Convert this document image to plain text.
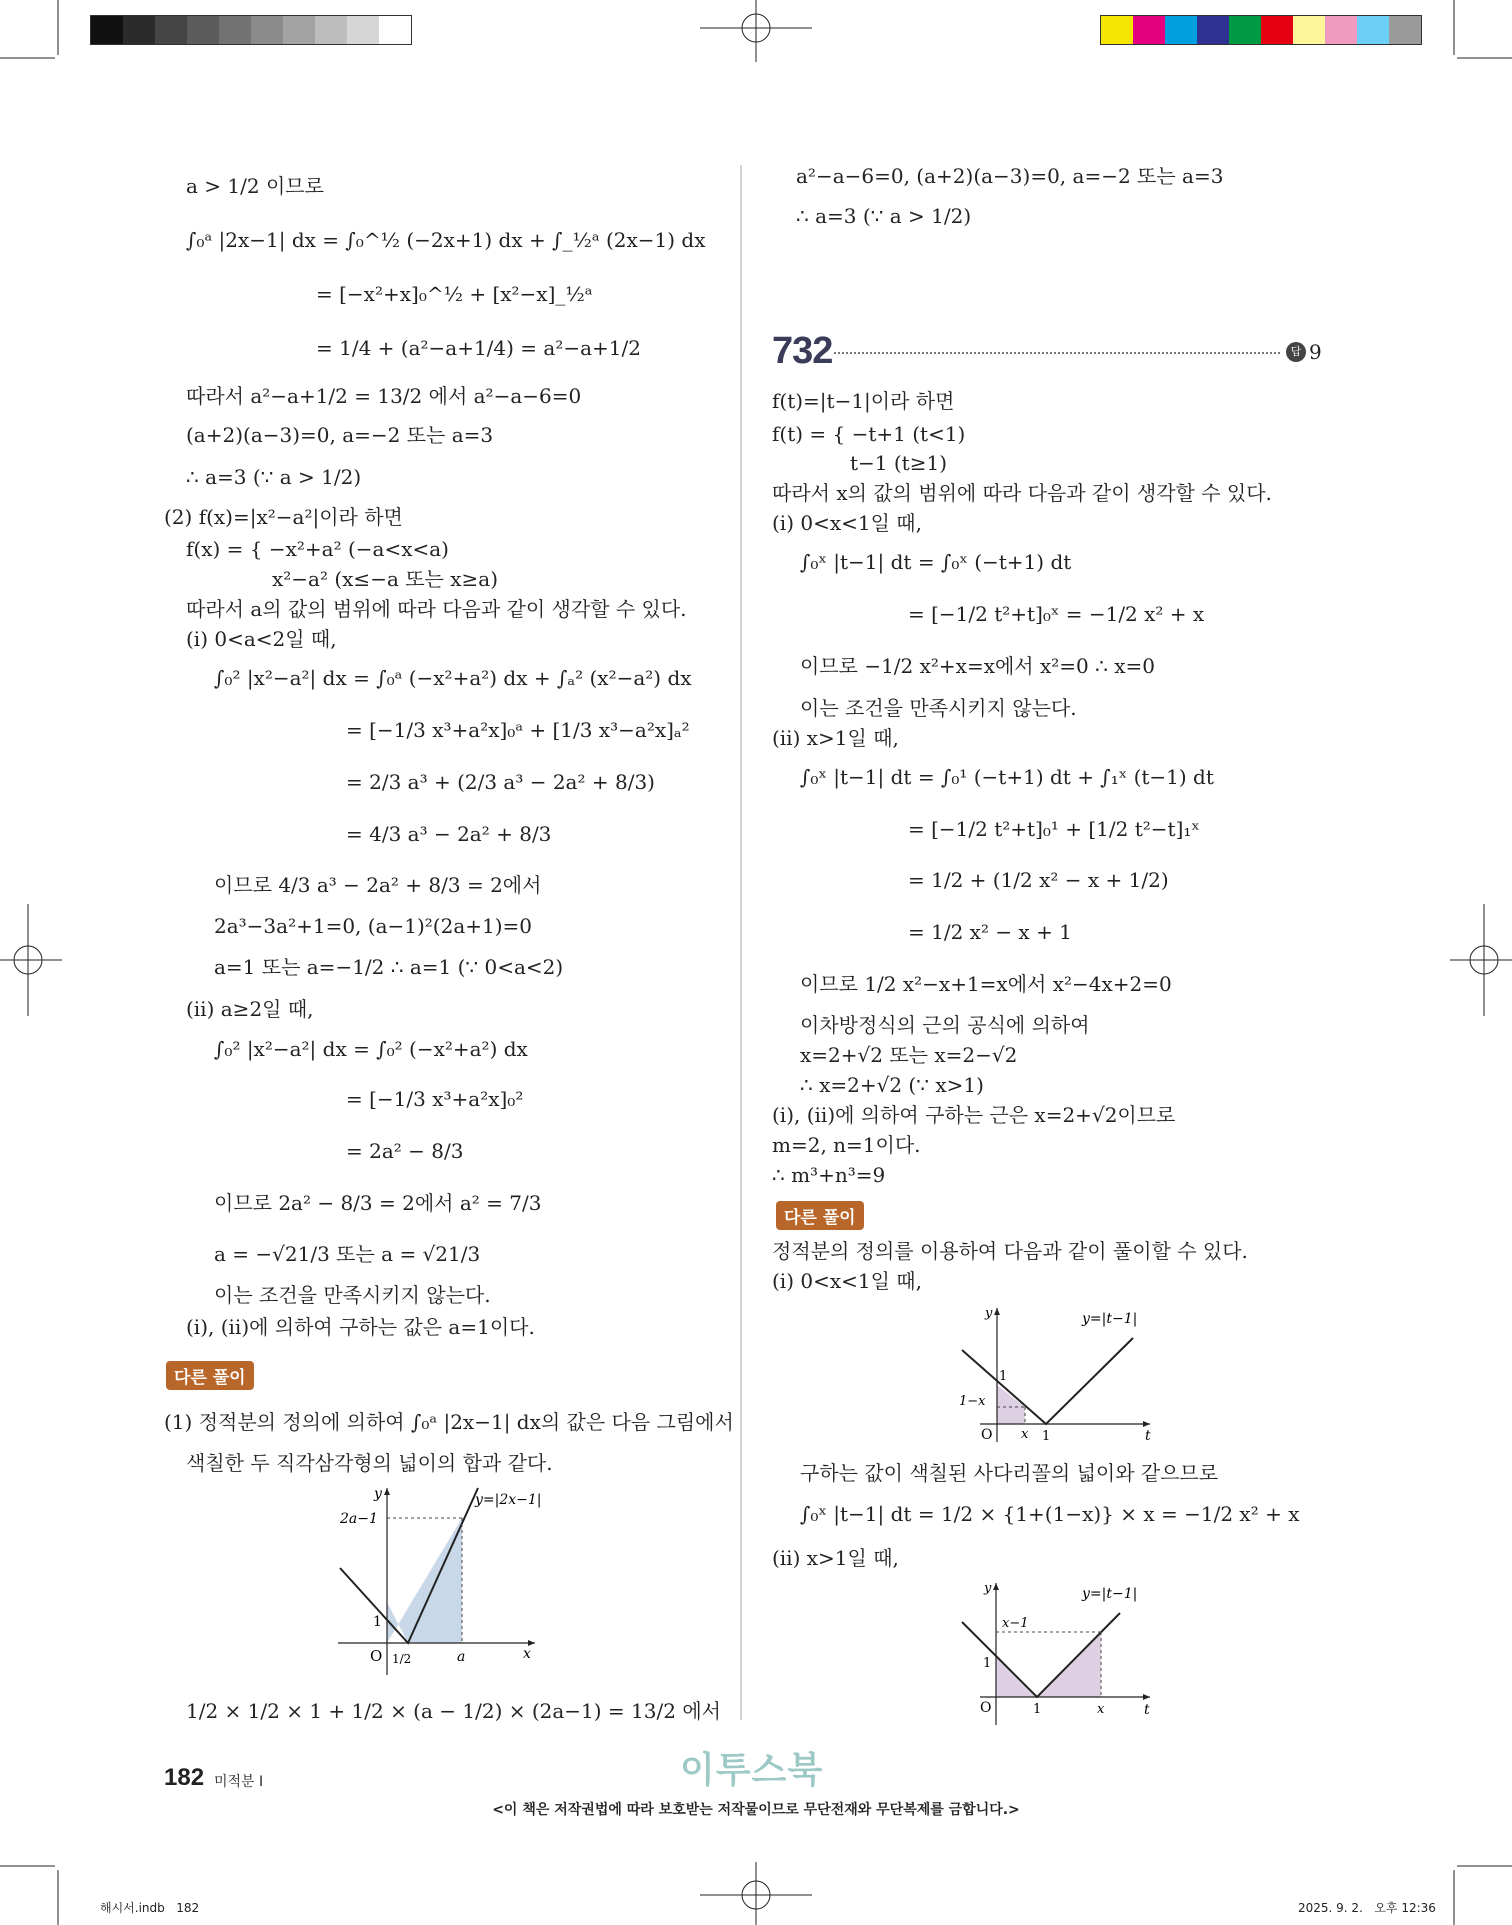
a > 1/2 이므로
∫₀ᵃ |2x−1| dx = ∫₀^½ (−2x+1) dx + ∫_½ᵃ (2x−1) dx
= [−x²+x]₀^½ + [x²−x]_½ᵃ
= 1/4 + (a²−a+1/4) = a²−a+1/2
따라서 a²−a+1/2 = 13/2 에서 a²−a−6=0
(a+2)(a−3)=0, a=−2 또는 a=3
∴ a=3 (∵ a > 1/2)
(2) f(x)=|x²−a²|이라 하면
f(x) = { −x²+a² (−a<x<a)
x²−a² (x≤−a 또는 x≥a)
따라서 a의 값의 범위에 따라 다음과 같이 생각할 수 있다.
(ⅰ) 0<a<2일 때,
∫₀² |x²−a²| dx = ∫₀ᵃ (−x²+a²) dx + ∫ₐ² (x²−a²) dx
= [−1/3 x³+a²x]₀ᵃ + [1/3 x³−a²x]ₐ²
= 2/3 a³ + (2/3 a³ − 2a² + 8/3)
= 4/3 a³ − 2a² + 8/3
이므로 4/3 a³ − 2a² + 8/3 = 2에서
2a³−3a²+1=0, (a−1)²(2a+1)=0
a=1 또는 a=−1/2 ∴ a=1 (∵ 0<a<2)
(ⅱ) a≥2일 때,
∫₀² |x²−a²| dx = ∫₀² (−x²+a²) dx
= [−1/3 x³+a²x]₀²
= 2a² − 8/3
이므로 2a² − 8/3 = 2에서 a² = 7/3
a = −√21/3 또는 a = √21/3
이는 조건을 만족시키지 않는다.
(ⅰ), (ⅱ)에 의하여 구하는 값은 a=1이다.
다른 풀이
(1) 정적분의 정의에 의하여 ∫₀ᵃ |2x−1| dx의 값은 다음 그림에서
색칠한 두 직각삼각형의 넓이의 합과 같다.
y
x
O
y=|2x−1|
2a−1
1
1/2	a
1/2 × 1/2 × 1 + 1/2 × (a − 1/2) × (2a−1) = 13/2 에서
a²−a−6=0, (a+2)(a−3)=0, a=−2 또는 a=3
∴ a=3 (∵ a > 1/2)
732	답 9
f(t)=|t−1|이라 하면
f(t) = { −t+1 (t<1)
t−1 (t≥1)
따라서 x의 값의 범위에 따라 다음과 같이 생각할 수 있다.
(ⅰ) 0<x<1일 때,
∫₀ˣ |t−1| dt = ∫₀ˣ (−t+1) dt
= [−1/2 t²+t]₀ˣ = −1/2 x² + x
이므로 −1/2 x²+x=x에서 x²=0 ∴ x=0
이는 조건을 만족시키지 않는다.
(ⅱ) x>1일 때,
∫₀ˣ |t−1| dt = ∫₀¹ (−t+1) dt + ∫₁ˣ (t−1) dt
= [−1/2 t²+t]₀¹ + [1/2 t²−t]₁ˣ
= 1/2 + (1/2 x² − x + 1/2)
= 1/2 x² − x + 1
이므로 1/2 x²−x+1=x에서 x²−4x+2=0
이차방정식의 근의 공식에 의하여
x=2+√2 또는 x=2−√2
∴ x=2+√2 (∵ x>1)
(ⅰ), (ⅱ)에 의하여 구하는 근은 x=2+√2이므로
m=2, n=1이다.
∴ m³+n³=9
다른 풀이
정적분의 정의를 이용하여 다음과 같이 풀이할 수 있다.
(ⅰ) 0<x<1일 때,
y
t
O
y=|t−1|
1
1−x
x 1
구하는 값이 색칠된 사다리꼴의 넓이와 같으므로
∫₀ˣ |t−1| dt = 1/2 × {1+(1−x)} × x = −1/2 x² + x
(ⅱ) x>1일 때,
y
t
O
y=|t−1|
x−1
1
1	x
182 미적분 Ⅰ	이투스북
<이 책은 저작권법에 따라 보호받는 저작물이므로 무단전재와 무단복제를 금합니다.>
해시서.indb   182	2025. 9. 2.   오후 12:36
